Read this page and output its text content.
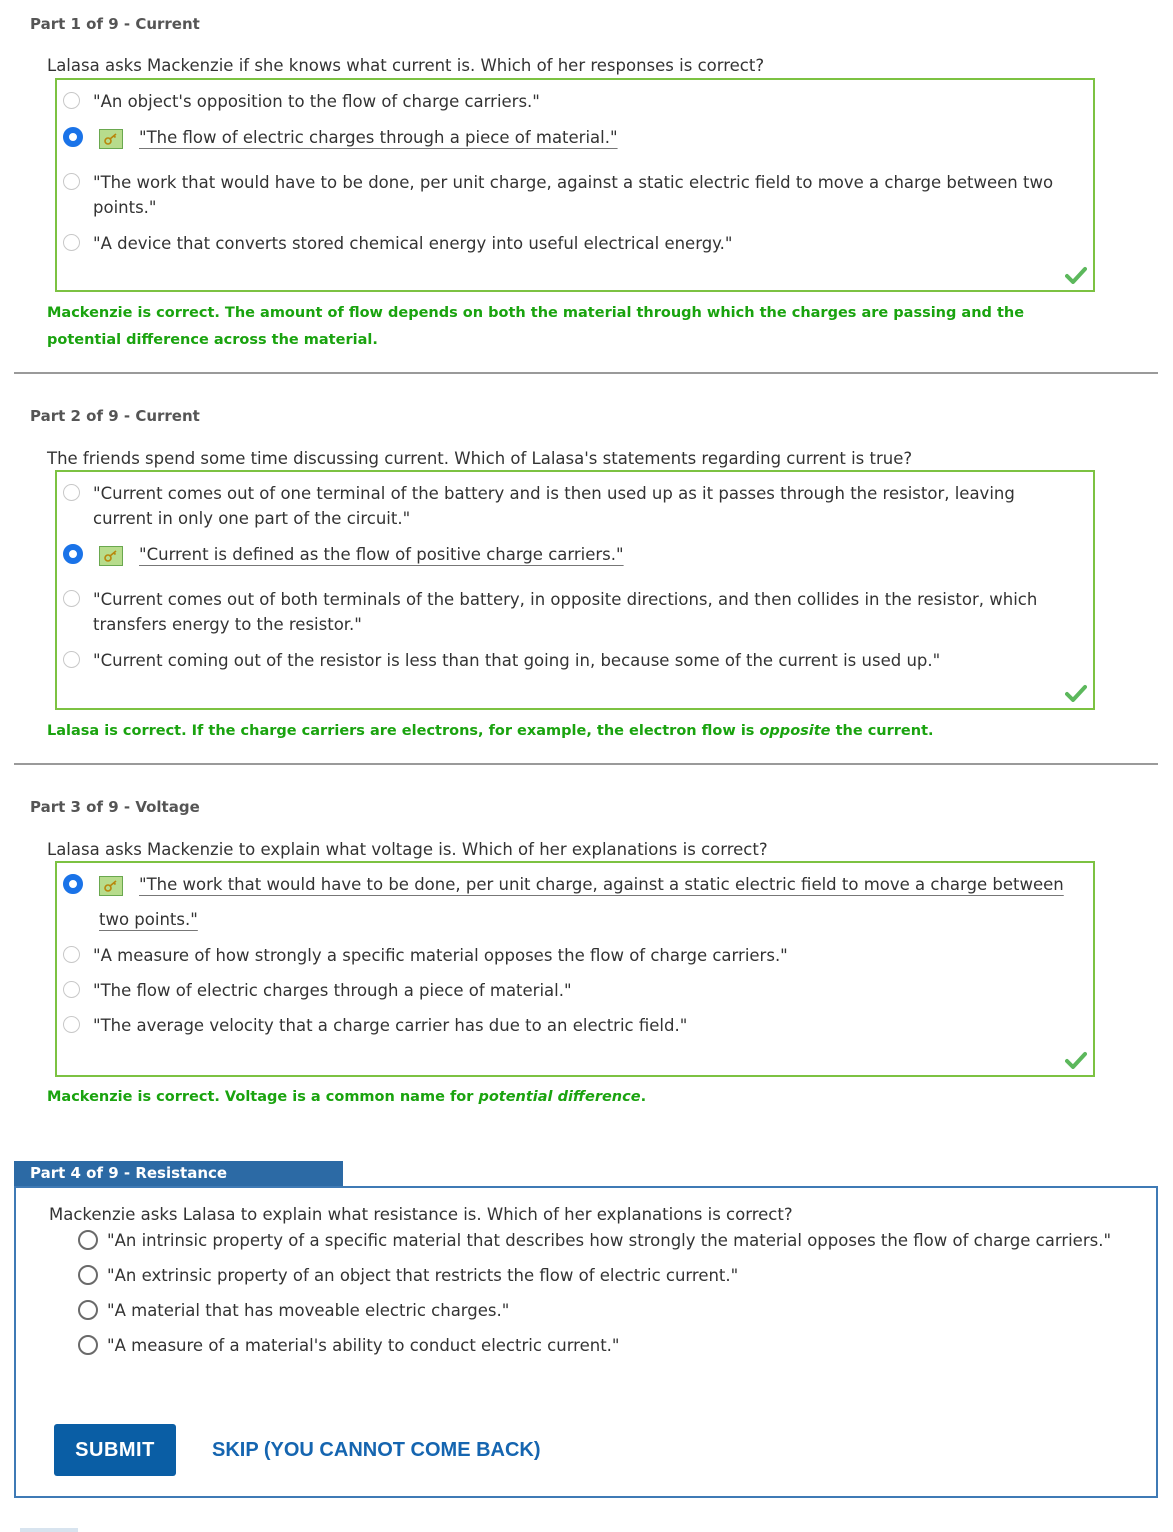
Part 1 of 9 - Current
Lalasa asks Mackenzie if she knows what current is. Which of her responses is correct?
"An object's opposition to the flow of charge carriers."
"The flow of electric charges through a piece of material."
"The work that would have to be done, per unit charge, against a static electric field to move a charge between two points."
"A device that converts stored chemical energy into useful electrical energy."
Mackenzie is correct. The amount of flow depends on both the material through which the charges are passing and the potential difference across the material.
Part 2 of 9 - Current
The friends spend some time discussing current. Which of Lalasa's statements regarding current is true?
"Current comes out of one terminal of the battery and is then used up as it passes through the resistor, leaving current in only one part of the circuit."
"Current is defined as the flow of positive charge carriers."
"Current comes out of both terminals of the battery, in opposite directions, and then collides in the resistor, which transfers energy to the resistor."
"Current coming out of the resistor is less than that going in, because some of the current is used up."
Lalasa is correct. If the charge carriers are electrons, for example, the electron flow is opposite the current.
Part 3 of 9 - Voltage
Lalasa asks Mackenzie to explain what voltage is. Which of her explanations is correct?
"The work that would have to be done, per unit charge, against a static electric field to move a charge between two points."
"A measure of how strongly a specific material opposes the flow of charge carriers."
"The flow of electric charges through a piece of material."
"The average velocity that a charge carrier has due to an electric field."
Mackenzie is correct. Voltage is a common name for potential difference.
Part 4 of 9 - Resistance
Mackenzie asks Lalasa to explain what resistance is. Which of her explanations is correct?
"An intrinsic property of a specific material that describes how strongly the material opposes the flow of charge carriers."
"An extrinsic property of an object that restricts the flow of electric current."
"A material that has moveable electric charges."
"A measure of a material's ability to conduct electric current."
SUBMIT	SKIP (YOU CANNOT COME BACK)
